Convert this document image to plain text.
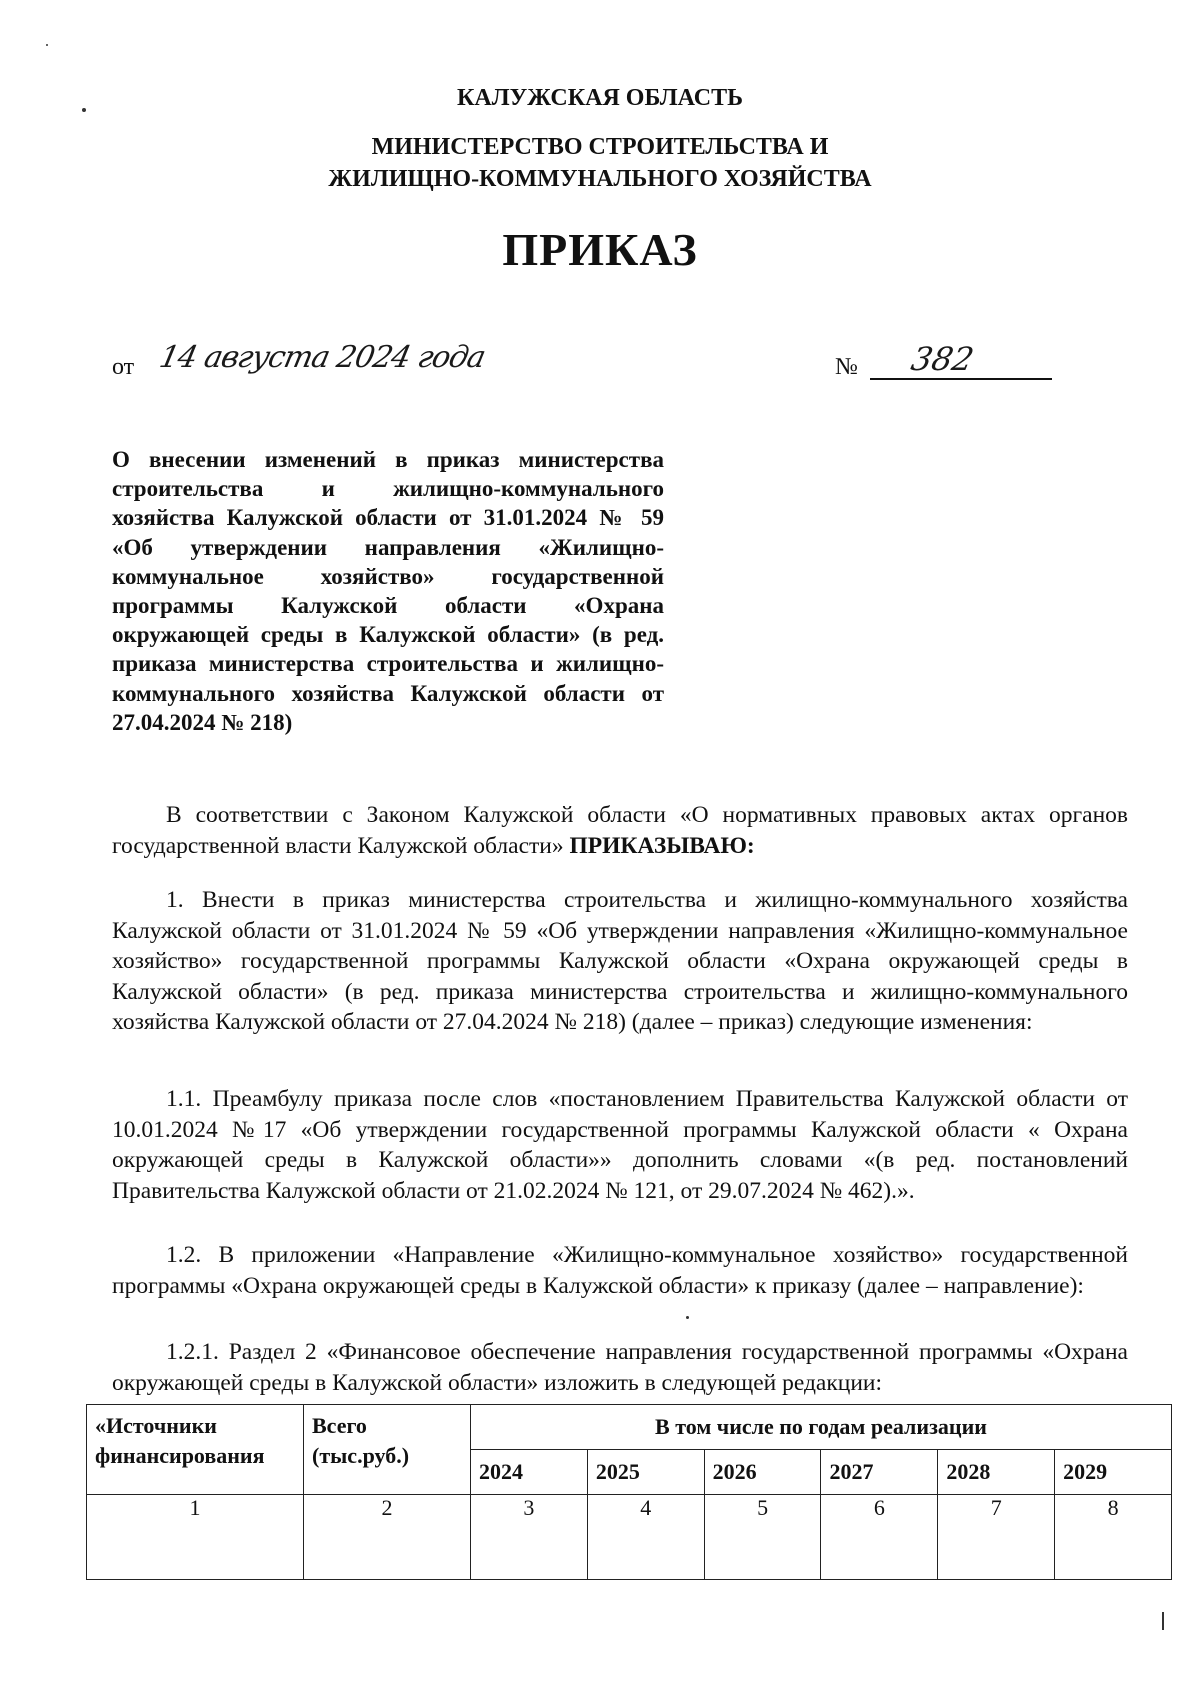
КАЛУЖСКАЯ ОБЛАСТЬ
МИНИСТЕРСТВО СТРОИТЕЛЬСТВА И
ЖИЛИЩНО-КОММУНАЛЬНОГО ХОЗЯЙСТВА
ПРИКАЗ
от 14 августа 2024 года	№ 382
О внесении изменений в приказ министерства строительства и жилищно-коммунального хозяйства Калужской области от 31.01.2024 № 59 «Об утверждении направления «Жилищно-коммунальное хозяйство» государственной программы Калужской области «Охрана окружающей среды в Калужской области» (в ред. приказа министерства строительства и жилищно-коммунального хозяйства Калужской области от 27.04.2024 № 218)
В соответствии с Законом Калужской области «О нормативных правовых актах органов государственной власти Калужской области» ПРИКАЗЫВАЮ:
1. Внести в приказ министерства строительства и жилищно-коммунального хозяйства Калужской области от 31.01.2024 № 59 «Об утверждении направления «Жилищно-коммунальное хозяйство» государственной программы Калужской области «Охрана окружающей среды в Калужской области» (в ред. приказа министерства строительства и жилищно-коммунального хозяйства Калужской области от 27.04.2024 № 218) (далее – приказ) следующие изменения:
1.1. Преамбулу приказа после слов «постановлением Правительства Калужской области от 10.01.2024 №17 «Об утверждении государственной программы Калужской области « Охрана окружающей среды в Калужской области»» дополнить словами «(в ред. постановлений Правительства Калужской области от 21.02.2024 № 121, от 29.07.2024 № 462).».
1.2. В приложении «Направление «Жилищно-коммунальное хозяйство» государственной программы «Охрана окружающей среды в Калужской области» к приказу (далее – направление):
1.2.1. Раздел 2 «Финансовое обеспечение направления государственной программы «Охрана окружающей среды в Калужской области» изложить в следующей редакции:
«Источники финансирования	Всего (тыс.руб.)	В том числе по годам реализации					
		2024	2025	2026	2027	2028	2029
1	2	3	4	5	6	7	8
